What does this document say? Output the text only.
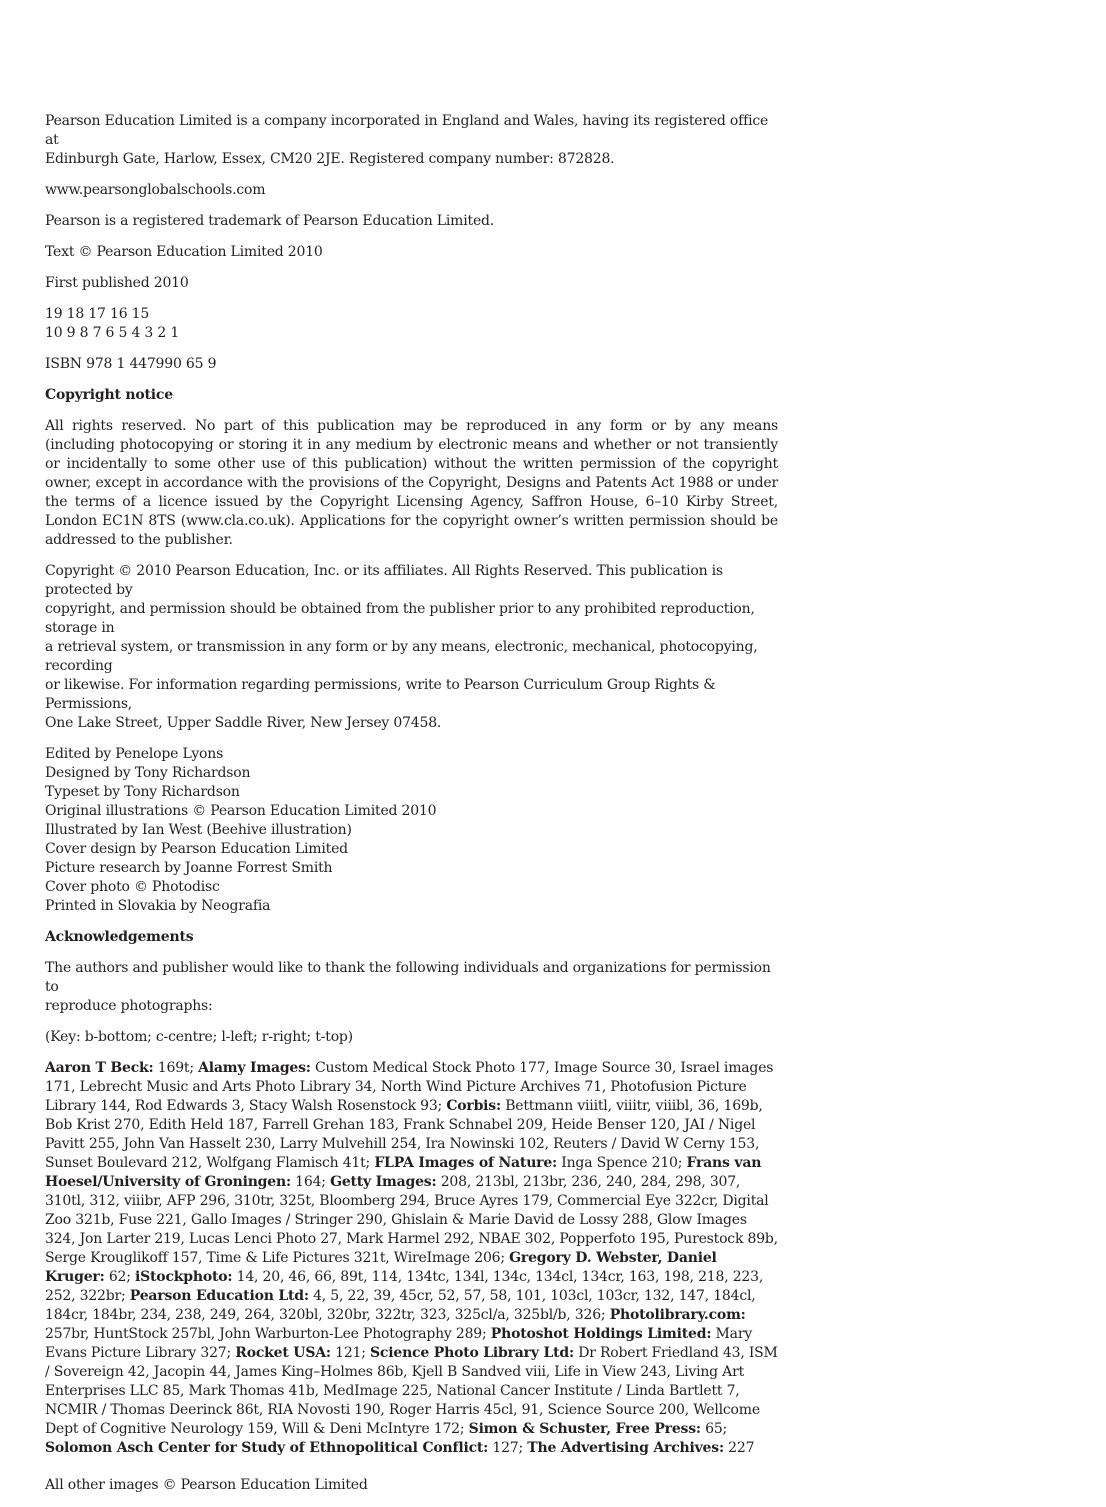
Pearson Education Limited is a company incorporated in England and Wales, having its registered office at
Edinburgh Gate, Harlow, Essex, CM20 2JE. Registered company number: 872828.

www.pearsonglobalschools.com

Pearson is a registered trademark of Pearson Education Limited.

Text © Pearson Education Limited 2010

First published 2010

19 18 17 16 15
10 9 8 7 6 5 4 3 2 1

ISBN 978 1 447990 65 9

Copyright notice

All rights reserved. No part of this publication may be reproduced in any form or by any means (including photocopying or storing it in any medium by electronic means and whether or not transiently or incidentally to some other use of this publication) without the written permission of the copyright owner, except in accordance with the provisions of the Copyright, Designs and Patents Act 1988 or under the terms of a licence issued by the Copyright Licensing Agency, Saffron House, 6–10 Kirby Street, London EC1N 8TS (www.cla.co.uk). Applications for the copyright owner’s written permission should be addressed to the publisher.

Copyright © 2010 Pearson Education, Inc. or its affiliates. All Rights Reserved. This publication is protected by
copyright, and permission should be obtained from the publisher prior to any prohibited reproduction, storage in
a retrieval system, or transmission in any form or by any means, electronic, mechanical, photocopying, recording
or likewise. For information regarding permissions, write to Pearson Curriculum Group Rights & Permissions,
One Lake Street, Upper Saddle River, New Jersey 07458.

Edited by Penelope Lyons
Designed by Tony Richardson
Typeset by Tony Richardson
Original illustrations © Pearson Education Limited 2010
Illustrated by Ian West (Beehive illustration)
Cover design by Pearson Education Limited
Picture research by Joanne Forrest Smith
Cover photo © Photodisc
Printed in Slovakia by Neografia

Acknowledgements

The authors and publisher would like to thank the following individuals and organizations for permission to
reproduce photographs:

(Key: b-bottom; c-centre; l-left; r-right; t-top)

Aaron T Beck: 169t; Alamy Images: Custom Medical Stock Photo 177, Image Source 30, Israel images 171, Lebrecht Music and Arts Photo Library 34, North Wind Picture Archives 71, Photofusion Picture Library 144, Rod Edwards 3, Stacy Walsh Rosenstock 93; Corbis: Bettmann viiitl, viiitr, viiibl, 36, 169b, Bob Krist 270, Edith Held 187, Farrell Grehan 183, Frank Schnabel 209, Heide Benser 120, JAI / Nigel Pavitt 255, John Van Hasselt 230, Larry Mulvehill 254, Ira Nowinski 102, Reuters / David W Cerny 153, Sunset Boulevard 212, Wolfgang Flamisch 41t; FLPA Images of Nature: Inga Spence 210; Frans van Hoesel/University of Groningen: 164; Getty Images: 208, 213bl, 213br, 236, 240, 284, 298, 307, 310tl, 312, viiibr, AFP 296, 310tr, 325t, Bloomberg 294, Bruce Ayres 179, Commercial Eye 322cr, Digital Zoo 321b, Fuse 221, Gallo Images / Stringer 290, Ghislain & Marie David de Lossy 288, Glow Images 324, Jon Larter 219, Lucas Lenci Photo 27, Mark Harmel 292, NBAE 302, Popperfoto 195, Purestock 89b, Serge Krouglikoff 157, Time & Life Pictures 321t, WireImage 206; Gregory D. Webster, Daniel Kruger: 62; iStockphoto: 14, 20, 46, 66, 89t, 114, 134tc, 134l, 134c, 134cl, 134cr, 163, 198, 218, 223, 252, 322br; Pearson Education Ltd: 4, 5, 22, 39, 45cr, 52, 57, 58, 101, 103cl, 103cr, 132, 147, 184cl, 184cr, 184br, 234, 238, 249, 264, 320bl, 320br, 322tr, 323, 325cl/a, 325bl/b, 326; Photolibrary.com: 257br, HuntStock 257bl, John Warburton-Lee Photography 289; Photoshot Holdings Limited: Mary Evans Picture Library 327; Rocket USA: 121; Science Photo Library Ltd: Dr Robert Friedland 43, ISM / Sovereign 42, Jacopin 44, James King–Holmes 86b, Kjell B Sandved viii, Life in View 243, Living Art Enterprises LLC 85, Mark Thomas 41b, MedImage 225, National Cancer Institute / Linda Bartlett 7, NCMIR / Thomas Deerinck 86t, RIA Novosti 190, Roger Harris 45cl, 91, Science Source 200, Wellcome Dept of Cognitive Neurology 159, Will & Deni McIntyre 172; Simon & Schuster, Free Press: 65; Solomon Asch Center for Study of Ethnopolitical Conflict: 127; The Advertising Archives: 227

All other images © Pearson Education Limited
